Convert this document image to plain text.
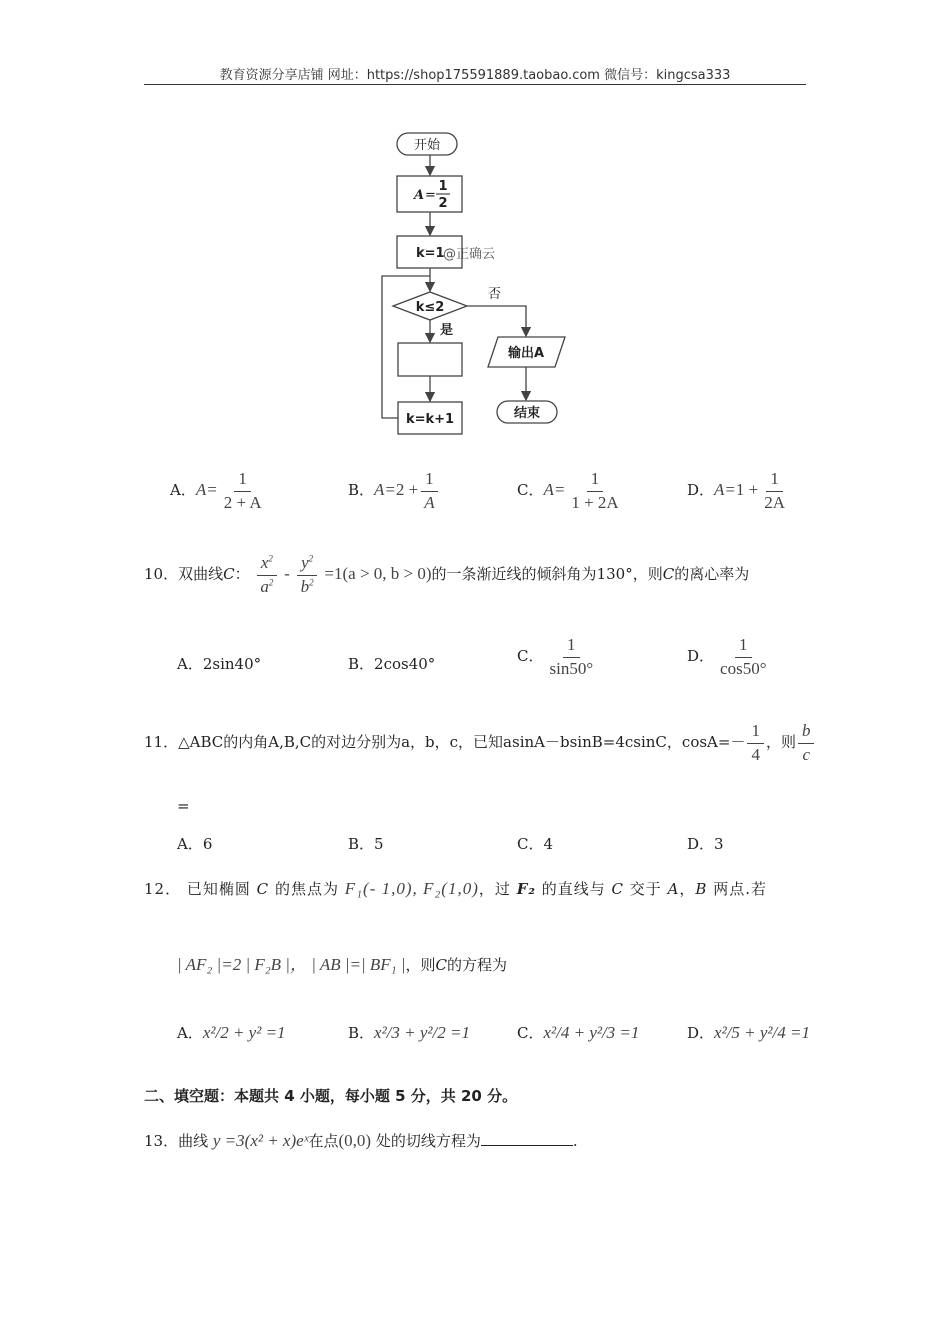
教育资源分享店铺 网址：https://shop175591889.taobao.com 微信号：kingcsa333
开始
A =
1
2
k=1
@正确云
k≤2
否
是
k=k+1
输出A
结束
A．$A= \frac{1}{2 + A}$	B．$A=2 + \frac{1}{A}$	C．$A= \frac{1}{1 + 2A}$	D．$A=1 + \frac{1}{2A}$
10．双曲线C： $\frac{x^2}{a^2} - \frac{y^2}{b^2} =1(a > 0$, b > 0)的一条渐近线的倾斜角为130°，则C的离心率为
A．2sin40°	B．2cos40°	C． $\frac{1}{\sin 50^\circ}$	D． $\frac{1}{\cos 50^\circ}$
11．△ABC的内角A,B,C的对边分别为a，b，c，已知asinA－bsinB=4csinC，$\cos A=- \frac{1}{4}$ ，则 $\frac{b}{c}$
=
A．6	B．5	C．4	D．3
12． 已知椭圆 C 的焦点为 F₁(- 1,0), F₂(1,0)，过 F₂ 的直线与 C 交于 A，B 两点.若
| AF₂ |=2 | F₂B |， | AB |=| BF₁ |，则C的方程为
A．x²/2 + y² =1	B．x²/3 + y²/2 =1	C．x²/4 + y²/3 =1	D．x²/5 + y²/4 =1
二、填空题：本题共 4 小题，每小题 5 分，共 20 分。
13．曲线 y =3(x² + x)eˣ在点(0,0) 处的切线方程为	.
